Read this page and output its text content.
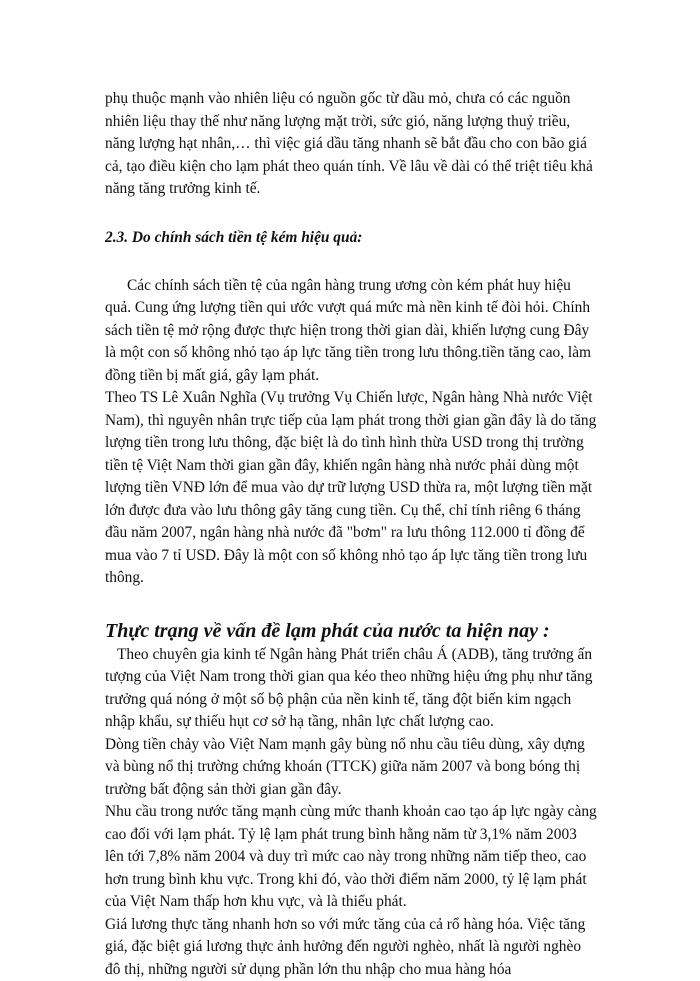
phụ thuộc mạnh vào nhiên liệu có nguồn gốc từ dầu mỏ, chưa có các nguồn nhiên liệu thay thế như năng lượng mặt trời, sức gió, năng lượng thuỷ triều, năng lượng hạt nhân,… thì việc giá dầu tăng nhanh sẽ bắt đầu cho con bão giá cả, tạo điều kiện cho lạm phát theo quán tính. Về lâu về dài có thể triệt tiêu khả năng tăng trưởng kinh tế.

2.3. Do chính sách tiền tệ kém hiệu quả:

Các chính sách tiền tệ của ngân hàng trung ương còn kém phát huy hiệu quả. Cung ứng lượng tiền qui ước vượt quá mức mà nền kinh tế đòi hỏi. Chính sách tiền tệ mở rộng được thực hiện trong thời gian dài, khiến lượng cung Đây là một con số không nhỏ tạo áp lực tăng tiền trong lưu thông.tiền tăng cao, làm đồng tiền bị mất giá, gây lạm phát.

Theo TS Lê Xuân Nghĩa (Vụ trưởng Vụ Chiến lược, Ngân hàng Nhà nước Việt Nam), thì nguyên nhân trực tiếp của lạm phát trong thời gian gần đây là do tăng lượng tiền trong lưu thông, đặc biệt là do tình hình thừa USD trong thị trường tiền tệ Việt Nam thời gian gần đây, khiến ngân hàng nhà nước phải dùng một lượng tiền VNĐ lớn để mua vào dự trữ lượng USD thừa ra, một lượng tiền mặt lớn được đưa vào lưu thông gây tăng cung tiền. Cụ thể, chỉ tính riêng 6 tháng đầu năm 2007, ngân hàng nhà nước đã "bơm" ra lưu thông 112.000 tỉ đồng để mua vào 7 tỉ USD. Đây là một con số không nhỏ tạo áp lực tăng tiền trong lưu thông.

Thực trạng về vấn đề lạm phát của nước ta hiện nay :

Theo chuyên gia kinh tế Ngân hàng Phát triển châu Á (ADB), tăng trưởng ấn tượng của Việt Nam trong thời gian qua kéo theo những hiệu ứng phụ như tăng trưởng quá nóng ở một số bộ phận của nền kinh tế, tăng đột biến kim ngạch nhập khẩu, sự thiếu hụt cơ sở hạ tầng, nhân lực chất lượng cao.

Dòng tiền chảy vào Việt Nam mạnh gây bùng nổ nhu cầu tiêu dùng, xây dựng và bùng nổ thị trường chứng khoán (TTCK) giữa năm 2007 và bong bóng thị trường bất động sản thời gian gần đây.

Nhu cầu trong nước tăng mạnh cùng mức thanh khoản cao tạo áp lực ngày càng cao đối với lạm phát. Tỷ lệ lạm phát trung bình hằng năm từ 3,1% năm 2003 lên tới 7,8% năm 2004 và duy trì mức cao này trong những năm tiếp theo, cao hơn trung bình khu vực. Trong khi đó, vào thời điểm năm 2000, tỷ lệ lạm phát của Việt Nam thấp hơn khu vực, và là thiểu phát.

Giá lương thực tăng nhanh hơn so với mức tăng của cả rổ hàng hóa. Việc tăng giá, đặc biệt giá lương thực ảnh hưởng đến người nghèo, nhất là người nghèo đô thị, những người sử dụng phần lớn thu nhập cho mua hàng hóa
